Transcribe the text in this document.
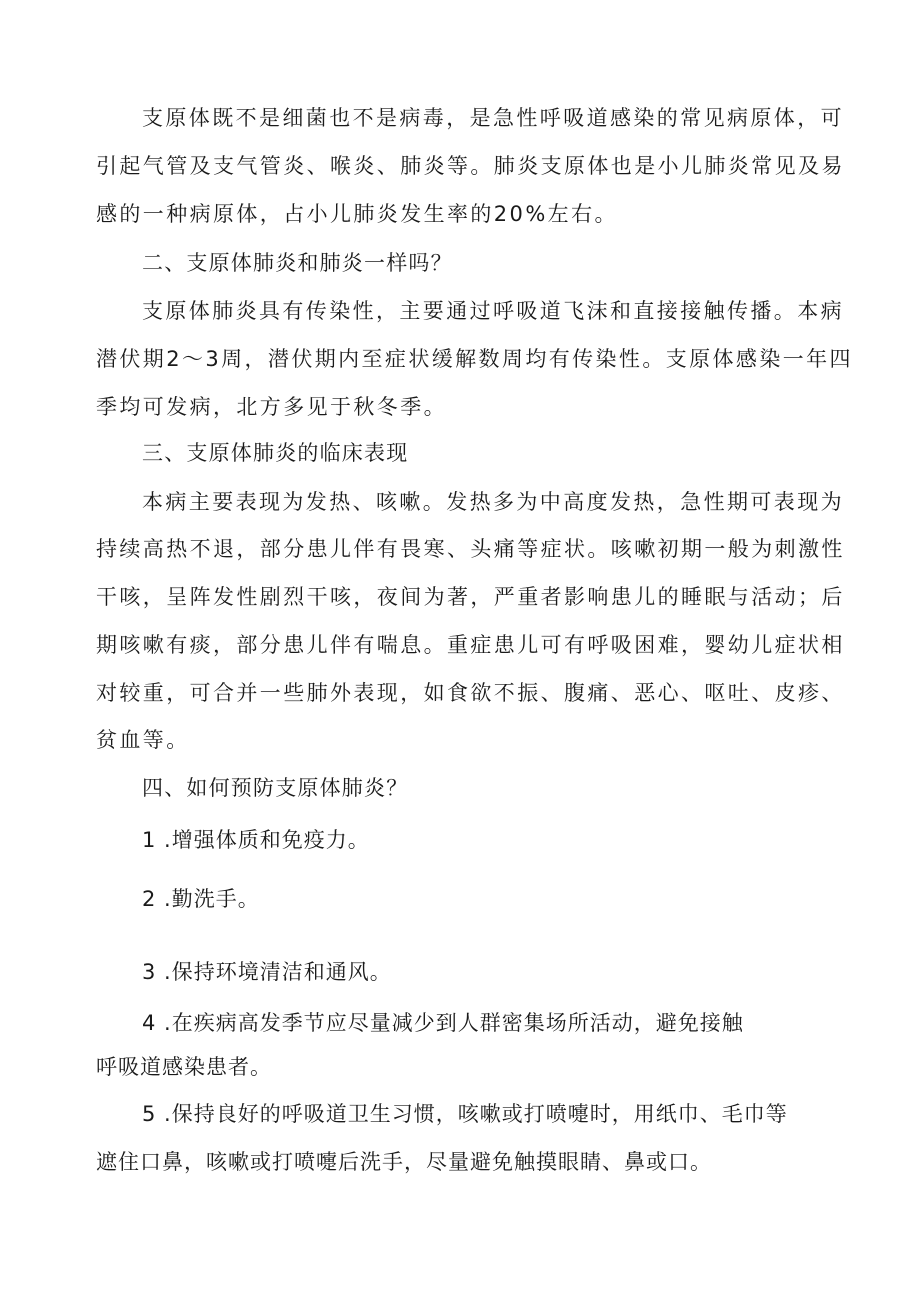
支原体既不是细菌也不是病毒，是急性呼吸道感染的常见病原体，可
引起气管及支气管炎、喉炎、肺炎等。肺炎支原体也是小儿肺炎常见及易
感的一种病原体，占小儿肺炎发生率的20%左右。
二、支原体肺炎和肺炎一样吗？
支原体肺炎具有传染性，主要通过呼吸道飞沫和直接接触传播。本病
潜伏期2～3周，潜伏期内至症状缓解数周均有传染性。支原体感染一年四
季均可发病，北方多见于秋冬季。
三、支原体肺炎的临床表现
本病主要表现为发热、咳嗽。发热多为中高度发热，急性期可表现为
持续高热不退，部分患儿伴有畏寒、头痛等症状。咳嗽初期一般为刺激性
干咳，呈阵发性剧烈干咳，夜间为著，严重者影响患儿的睡眠与活动；后
期咳嗽有痰，部分患儿伴有喘息。重症患儿可有呼吸困难，婴幼儿症状相
对较重，可合并一些肺外表现，如食欲不振、腹痛、恶心、呕吐、皮疹、
贫血等。
四、如何预防支原体肺炎？
1 .增强体质和免疫力。
2 .勤洗手。
3 .保持环境清洁和通风。
4 .在疾病高发季节应尽量减少到人群密集场所活动，避免接触
呼吸道感染患者。
5 .保持良好的呼吸道卫生习惯，咳嗽或打喷嚏时，用纸巾、毛巾等
遮住口鼻，咳嗽或打喷嚏后洗手，尽量避免触摸眼睛、鼻或口。
